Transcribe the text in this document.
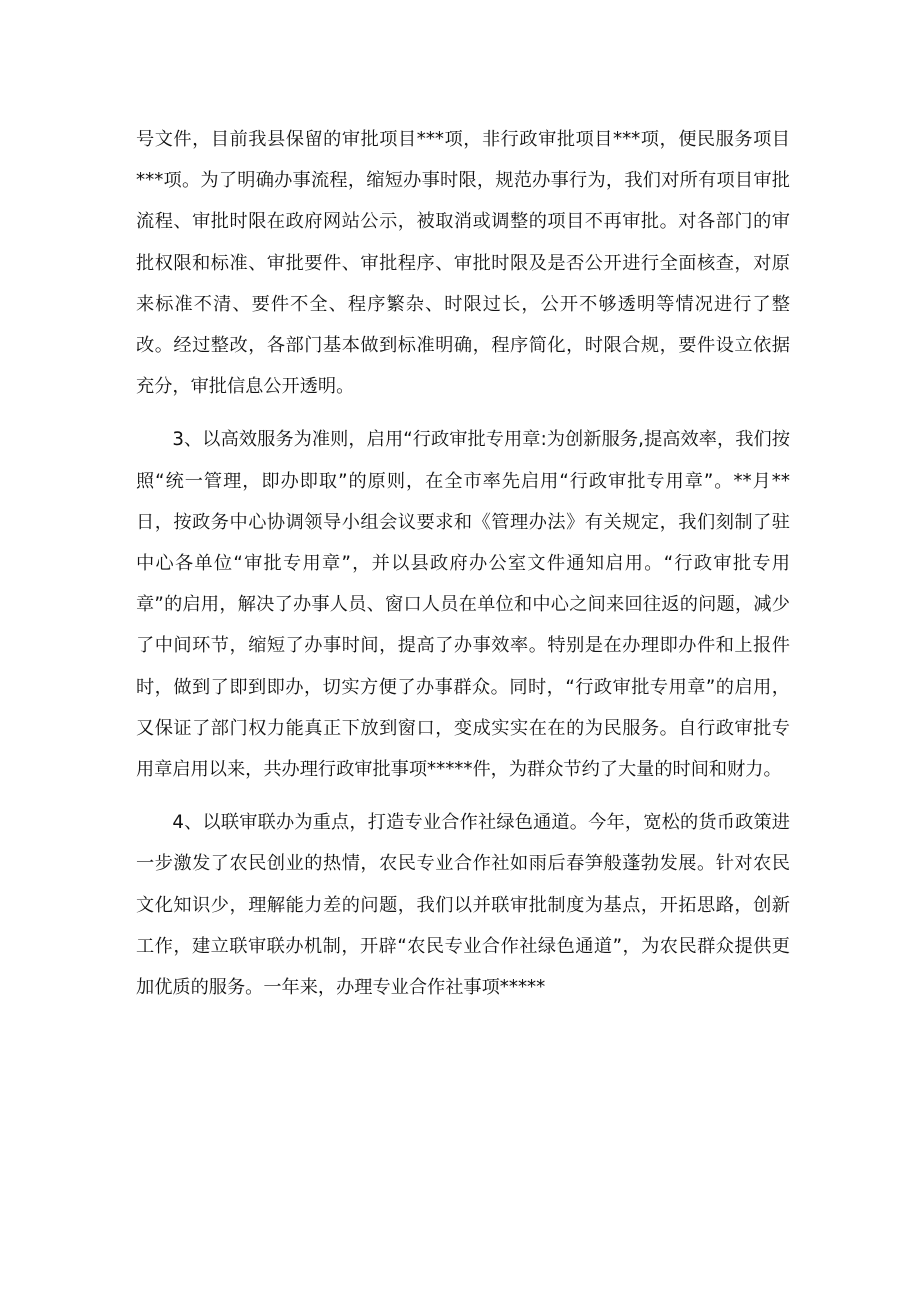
号文件，目前我县保留的审批项目***项，非行政审批项目***项，便民服务项目***项。为了明确办事流程，缩短办事时限，规范办事行为，我们对所有项目审批流程、审批时限在政府网站公示，被取消或调整的项目不再审批。对各部门的审批权限和标准、审批要件、审批程序、审批时限及是否公开进行全面核查，对原来标准不清、要件不全、程序繁杂、时限过长，公开不够透明等情况进行了整改。经过整改，各部门基本做到标准明确，程序简化，时限合规，要件设立依据充分，审批信息公开透明。

3、以高效服务为准则，启用“行政审批专用章:为创新服务,提高效率，我们按照“统一管理，即办即取”的原则，在全市率先启用“行政审批专用章”。**月**日，按政务中心协调领导小组会议要求和《管理办法》有关规定，我们刻制了驻中心各单位“审批专用章”，并以县政府办公室文件通知启用。“行政审批专用章”的启用，解决了办事人员、窗口人员在单位和中心之间来回往返的问题，减少了中间环节，缩短了办事时间，提高了办事效率。特别是在办理即办件和上报件时，做到了即到即办，切实方便了办事群众。同时，“行政审批专用章”的启用，又保证了部门权力能真正下放到窗口，变成实实在在的为民服务。自行政审批专用章启用以来，共办理行政审批事项*****件，为群众节约了大量的时间和财力。

4、以联审联办为重点，打造专业合作社绿色通道。今年，宽松的货币政策进一步激发了农民创业的热情，农民专业合作社如雨后春笋般蓬勃发展。针对农民文化知识少，理解能力差的问题，我们以并联审批制度为基点，开拓思路，创新工作，建立联审联办机制，开辟“农民专业合作社绿色通道”，为农民群众提供更加优质的服务。一年来，办理专业合作社事项*****
